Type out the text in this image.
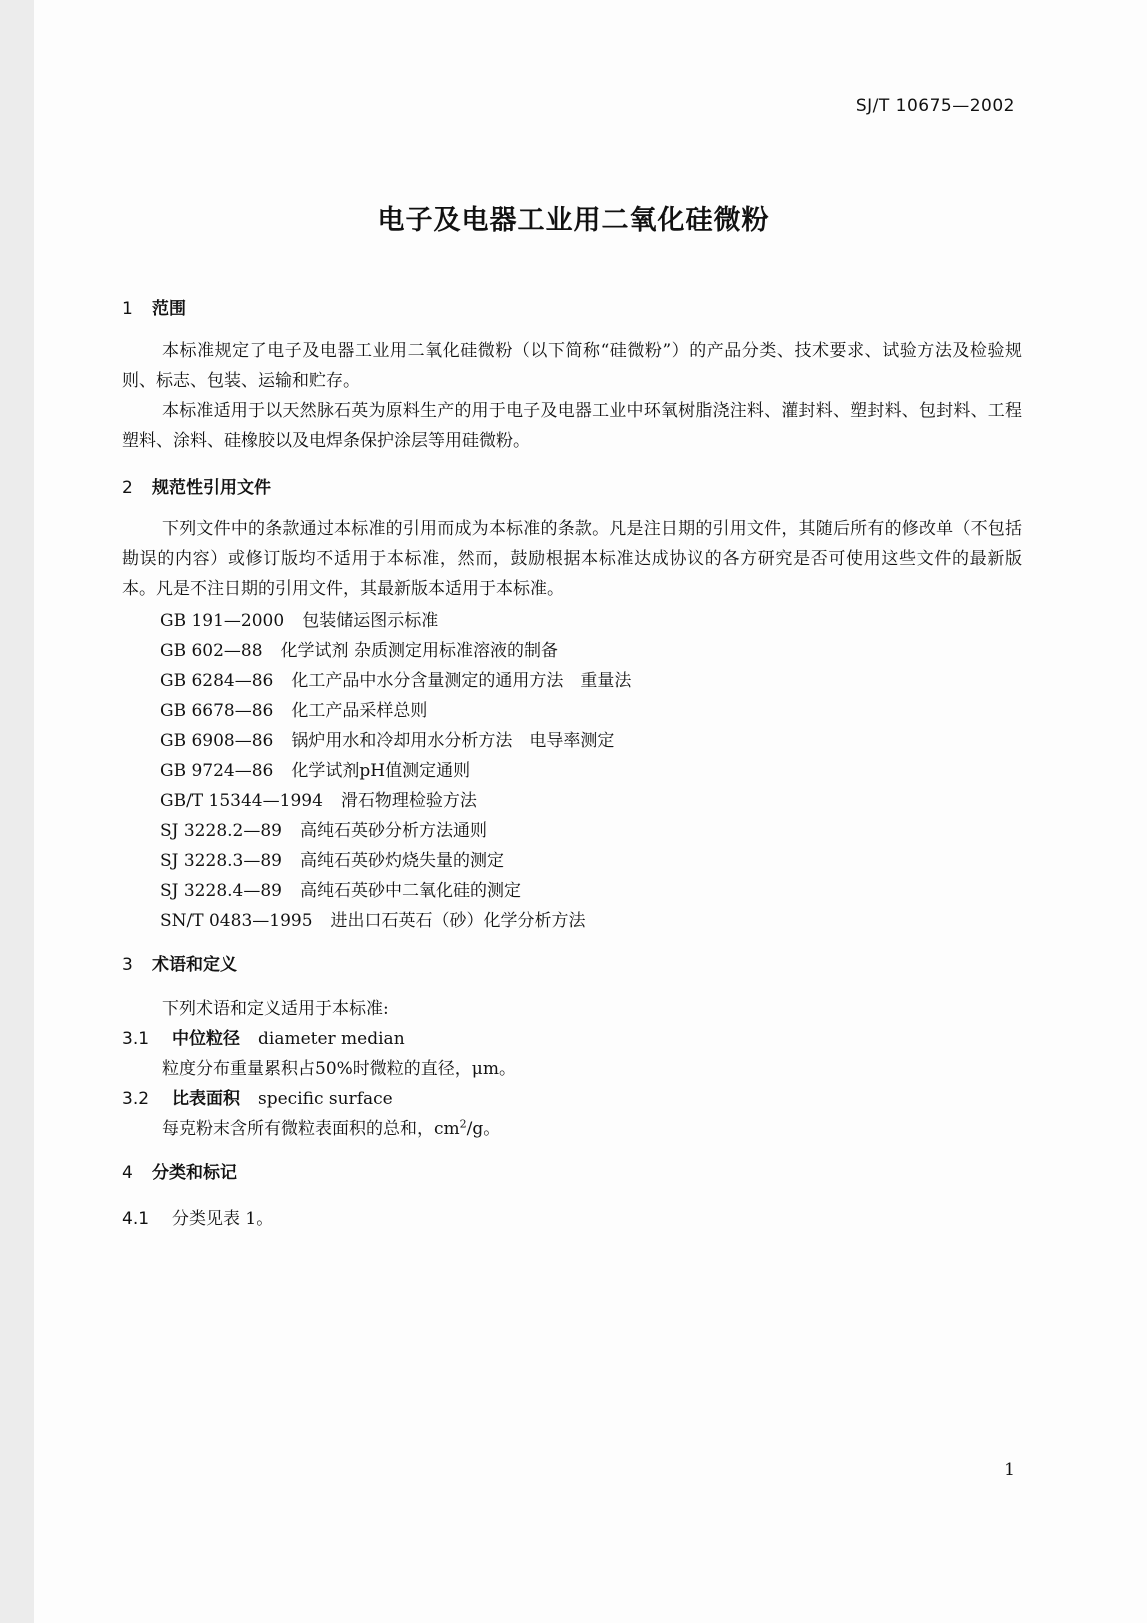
SJ/T 10675—2002
电子及电器工业用二氧化硅微粉
1 范围
本标准规定了电子及电器工业用二氧化硅微粉（以下简称“硅微粉”）的产品分类、技术要求、试验方法及检验规则、标志、包装、运输和贮存。
本标准适用于以天然脉石英为原料生产的用于电子及电器工业中环氧树脂浇注料、灌封料、塑封料、包封料、工程塑料、涂料、硅橡胶以及电焊条保护涂层等用硅微粉。
2 规范性引用文件
下列文件中的条款通过本标准的引用而成为本标准的条款。凡是注日期的引用文件，其随后所有的修改单（不包括勘误的内容）或修订版均不适用于本标准，然而，鼓励根据本标准达成协议的各方研究是否可使用这些文件的最新版本。凡是不注日期的引用文件，其最新版本适用于本标准。
GB 191—2000 包装储运图示标准
GB 602—88 化学试剂 杂质测定用标准溶液的制备
GB 6284—86 化工产品中水分含量测定的通用方法　重量法
GB 6678—86 化工产品采样总则
GB 6908—86 锅炉用水和冷却用水分析方法　电导率测定
GB 9724—86 化学试剂pH值测定通则
GB/T 15344—1994 滑石物理检验方法
SJ 3228.2—89 高纯石英砂分析方法通则
SJ 3228.3—89 高纯石英砂灼烧失量的测定
SJ 3228.4—89 高纯石英砂中二氧化硅的测定
SN/T 0483—1995 进出口石英石（砂）化学分析方法
3 术语和定义
下列术语和定义适用于本标准:
3.1 中位粒径 diameter median
粒度分布重量累积占50%时微粒的直径，μm。
3.2 比表面积 specific surface
每克粉末含所有微粒表面积的总和，$cm^2/g$。
4 分类和标记
4.1 分类见表 1。
1
